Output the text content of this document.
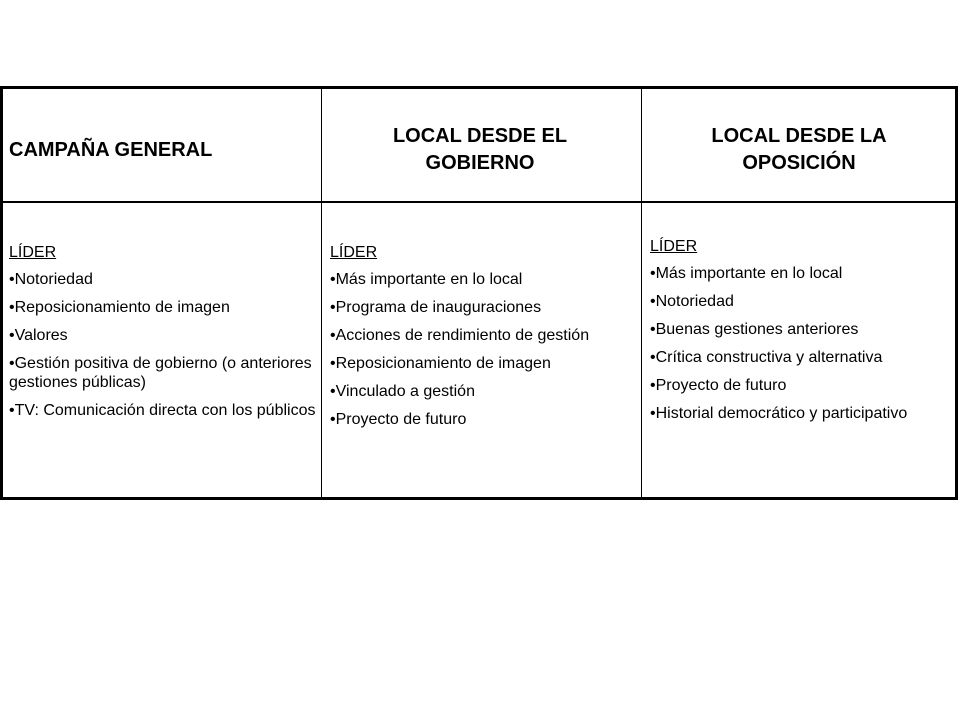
CAMPAÑA GENERAL
LOCAL DESDE EL GOBIERNO
LOCAL DESDE LA OPOSICIÓN
LÍDER
•Notoriedad
•Reposicionamiento de imagen
•Valores
•Gestión positiva de gobierno (o anteriores gestiones públicas)
•TV: Comunicación directa con los públicos
LÍDER
•Más importante en lo local
•Programa de inauguraciones
•Acciones de rendimiento de gestión
•Reposicionamiento de imagen
•Vinculado a gestión
•Proyecto de futuro
LÍDER
•Más importante en lo local
•Notoriedad
•Buenas gestiones anteriores
•Crítica constructiva y alternativa
•Proyecto de futuro
•Historial democrático y participativo
